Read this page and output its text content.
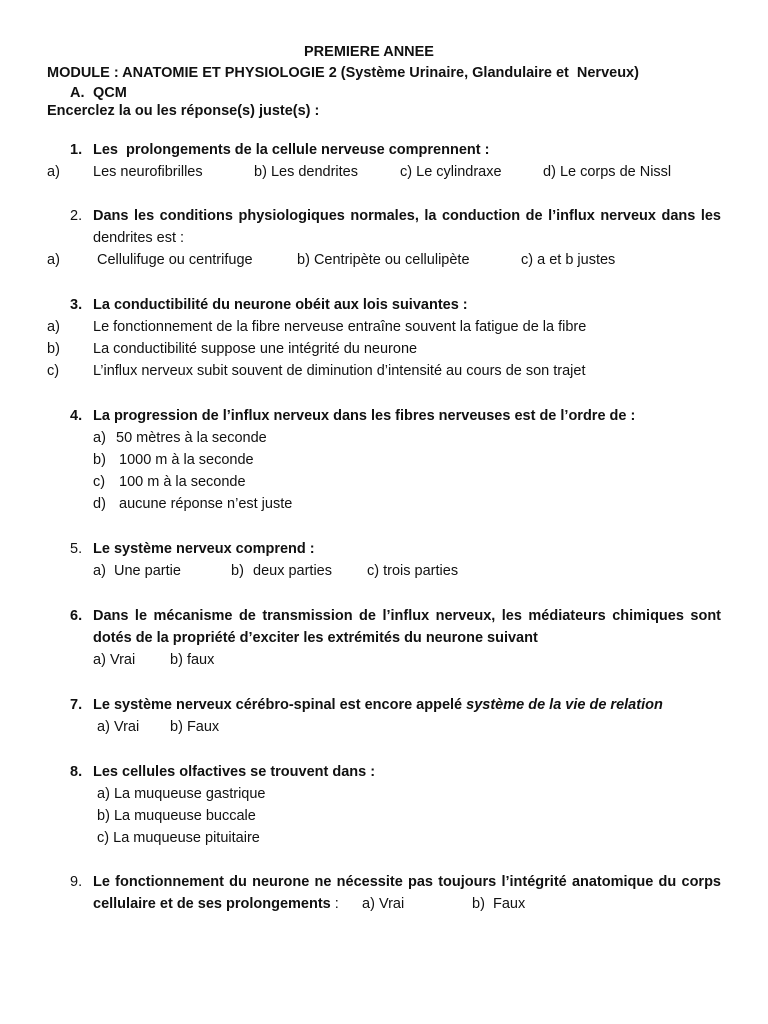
PREMIERE ANNEE
MODULE : ANATOMIE ET PHYSIOLOGIE 2 (Système Urinaire, Glandulaire et  Nerveux)
A. QCM
Encerclez la ou les réponse(s) juste(s) :
1. Les  prolongements de la cellule nerveuse comprennent :
a) Les neurofibrilles	b) Les dendrites	c) Le cylindraxe	d) Le corps de Nissl
2. Dans les conditions physiologiques normales, la conduction de l’influx nerveux dans les dendrites est :
a)	Cellulifuge ou centrifuge	b) Centripète ou cellulipète	c) a et b justes
3. La conductibilité du neurone obéit aux lois suivantes :
a) Le fonctionnement de la fibre nerveuse entraîne souvent la fatigue de la fibre
b) La conductibilité suppose une intégrité du neurone
c) L’influx nerveux subit souvent de diminution d’intensité au cours de son trajet
4. La progression de l’influx nerveux dans les fibres nerveuses est de l’ordre de :
a) 50 mètres à la seconde
b) 1000 m à la seconde
c) 100 m à la seconde
d) aucune réponse n’est juste
5. Le système nerveux comprend :
a) Une partie	b) deux parties c) trois parties
6. Dans le mécanisme de transmission de l’influx nerveux, les médiateurs chimiques sont dotés de la propriété d’exciter les extrémités du neurone suivant
a) Vrai b) faux
7. Le système nerveux cérébro-spinal est encore appelé système de la vie de relation
a) Vrai b) Faux
8. Les cellules olfactives se trouvent dans :
a) La muqueuse gastrique
b) La muqueuse buccale
c) La muqueuse pituitaire
9. Le fonctionnement du neurone ne nécessite pas toujours l’intégrité anatomique du corps cellulaire et de ses prolongements :	a) Vrai	b) Faux
